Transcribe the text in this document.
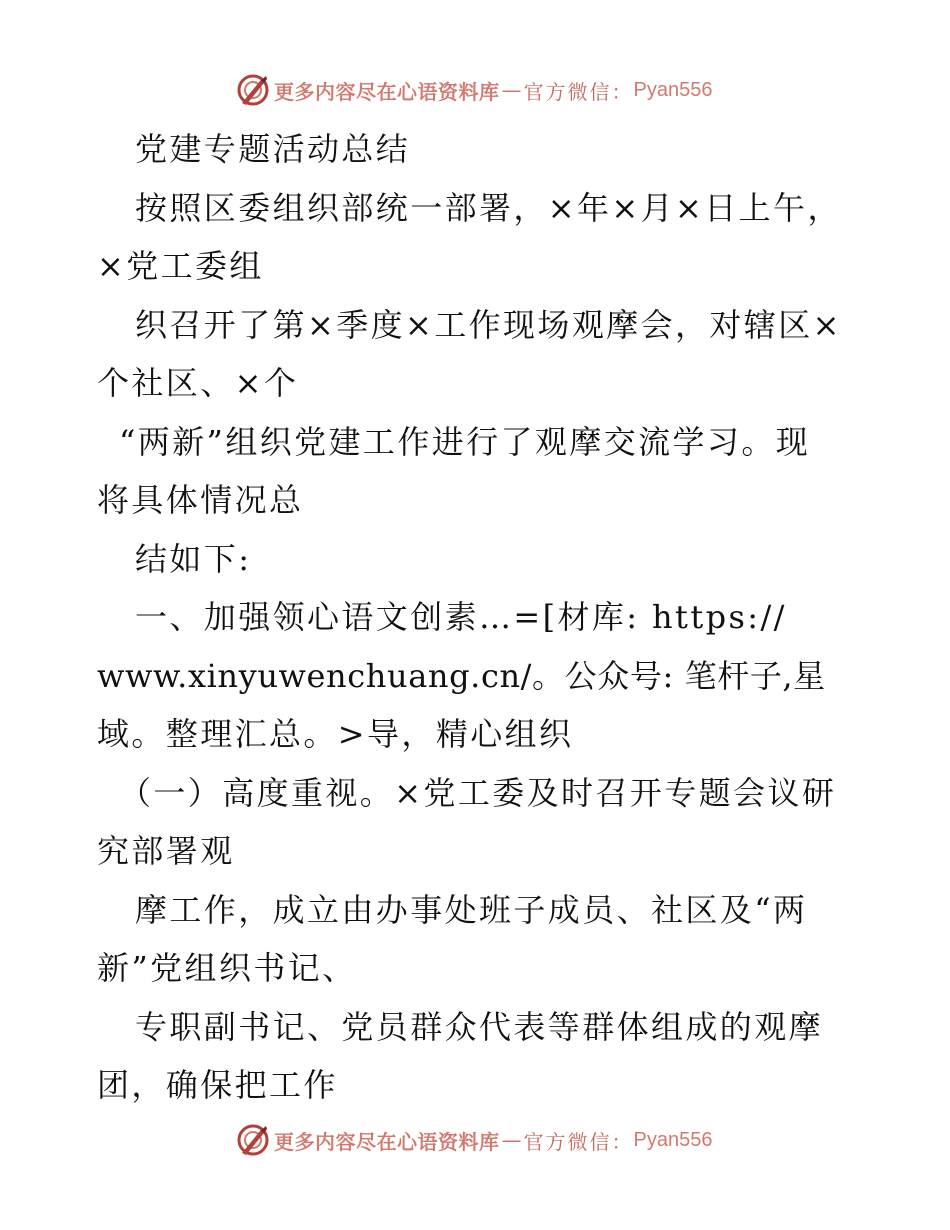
更多内容尽在心语资料库 — 官方微信： Pyan556
党建专题活动总结
按照区委组织部统一部署，×年×月×日上午，
×党工委组
织召开了第×季度×工作现场观摩会，对辖区×
个社区、×个
“两新”组织党建工作进行了观摩交流学习。现
将具体情况总
结如下:
一、加强领心语文创素…=[材库: https://
www.xinyuwenchuang.cn/。公众号: 笔杆子,星
域。整理汇总。>导，精心组织
（一）高度重视。×党工委及时召开专题会议研
究部署观
摩工作，成立由办事处班子成员、社区及“两
新”党组织书记、
专职副书记、党员群众代表等群体组成的观摩
团，确保把工作
更多内容尽在心语资料库 — 官方微信： Pyan556
